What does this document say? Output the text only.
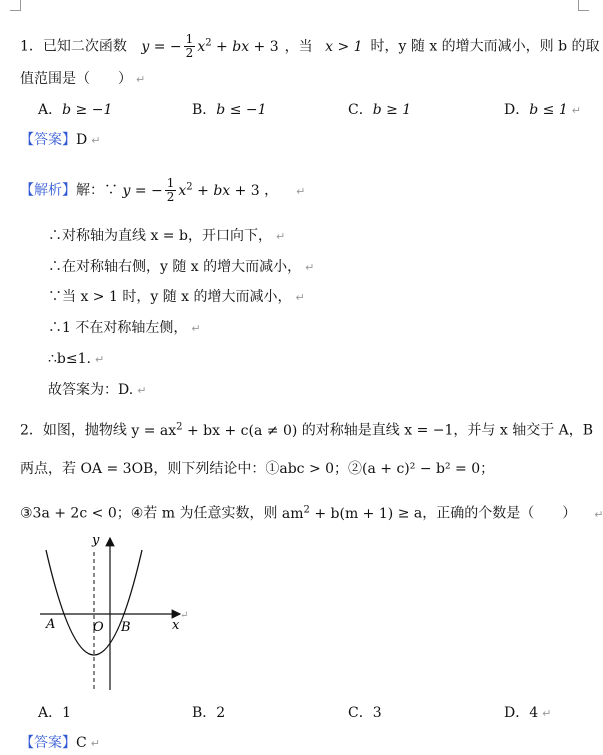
1．已知二次函数 y = − $\frac{1}{2} x^2$ + bx + 3 ，当 x > 1 时，y 随 x 的增大而减小，则 b 的取
值范围是（　　） ↵
A．b ≥ −1	B．b ≤ −1	C．b ≥ 1	D．b ≤ 1 ↵
【答案】D ↵
【解析】解：∵ y = − $\frac{1}{2} x^2$ + bx + 3 ， ↵
∴对称轴为直线 x = b，开口向下， ↵
∴在对称轴右侧，y 随 x 的增大而减小， ↵
∵当 x > 1 时，y 随 x 的增大而减小， ↵
∴1 不在对称轴左侧， ↵
∴b≤1. ↵
故答案为：D. ↵
2．如图，抛物线 $y = ax^2$ + bx + c(a ≠ 0) 的对称轴是直线 x = −1，并与 x 轴交于 A，B
两点，若 OA = 3OB，则下列结论中：①abc > 0；②(a + c)² − b² = 0；
③3a + 2c < 0；④若 m 为任意实数，则 $am^2 + b(m + 1) \ge a$，正确的个数是（　　） ↵
y
x
A	O B
↵
A．1	B．2	C．3	D．4 ↵
【答案】C ↵
